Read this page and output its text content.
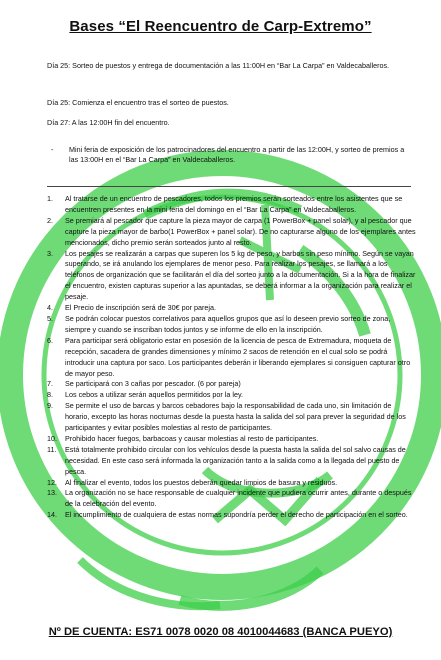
Bases “El Reencuentro de Carp-Extremo”
Día 25: Sorteo de puestos y entrega de documentación a las 11:00H en “Bar La Carpa” en Valdecaballeros.
Día 25: Comienza el encuentro tras el sorteo de puestos.
Día 27: A las 12:00H fin del encuentro.
-	Mini feria de exposición de los patrocinadores del encuentro a partir de las 12:00H, y sorteo de premios a las 13:00H en el “Bar La Carpa” en Valdecaballeros.
1.	Al tratarse de un encuentro de pescadores, todos los premios serán sorteados entre los asistentes que se encuentren presentes en la mini feria del domingo en el “Bar La Carpa” en Valdecaballeros.
2.	Se premiará al pescador que capture la pieza mayor de carpa (1 PowerBox + panel solar), y al pescador que capture la pieza mayor de barbo(1 PowerBox + panel solar). De no capturarse alguno de los ejemplares antes mencionados, dicho premio serán sorteados junto al resto.
3.	Los pesajes se realizarán a carpas que superen los 5 kg de peso, y barbos sin peso mínimo. Según se vayan superando, se irá anulando los ejemplares de menor peso. Para realizar los pesajes, se llamará a los teléfonos de organización que se facilitarán el día del sorteo junto a la documentación. Si a la hora de finalizar el encuentro, existen capturas superior a las apuntadas, se deberá informar a la organización para realizar el pesaje.
4.	El Precio de inscripción será de 30€ por pareja.
5.	Se podrán colocar puestos correlativos para aquellos grupos que así lo deseen previo sorteo de zona, siempre y cuando se inscriban todos juntos y se informe de ello en la inscripción.
6.	Para participar será obligatorio estar en posesión de la licencia de pesca de Extremadura, moqueta de recepción, sacadera de grandes dimensiones y mínimo 2 sacos de retención en el cual solo se podrá introducir una captura por saco. Los participantes deberán ir liberando ejemplares si consiguen capturar otro de mayor peso.
7.	Se participará con 3 cañas por pescador. (6 por pareja)
8.	Los cebos a utilizar serán aquellos permitidos por la ley.
9.	Se permite el uso de barcas y barcos cebadores bajo la responsabilidad de cada uno, sin limitación de horario, excepto las horas nocturnas desde la puesta hasta la salida del sol para prever la seguridad de los participantes y evitar posibles molestias al resto de participantes.
10.	Prohibido hacer fuegos, barbacoas y causar molestias al resto de participantes.
11.	Está totalmente prohibido circular con los vehículos desde la puesta hasta la salida del sol salvo causas de necesidad. En este caso será informada la organización tanto a la salida como a la llegada del puesto de pesca.
12.	Al finalizar el evento, todos los puestos deberán quedar limpios de basura y residuos.
13.	La organización no se hace responsable de cualquier incidente que pudiera ocurrir antes, durante o después de la celebración del evento.
14.	El incumplimiento de cualquiera de estas normas supondría perder el derecho de participación en el sorteo.
Nº DE CUENTA: ES71 0078 0020 08 4010044683 (BANCA PUEYO)
